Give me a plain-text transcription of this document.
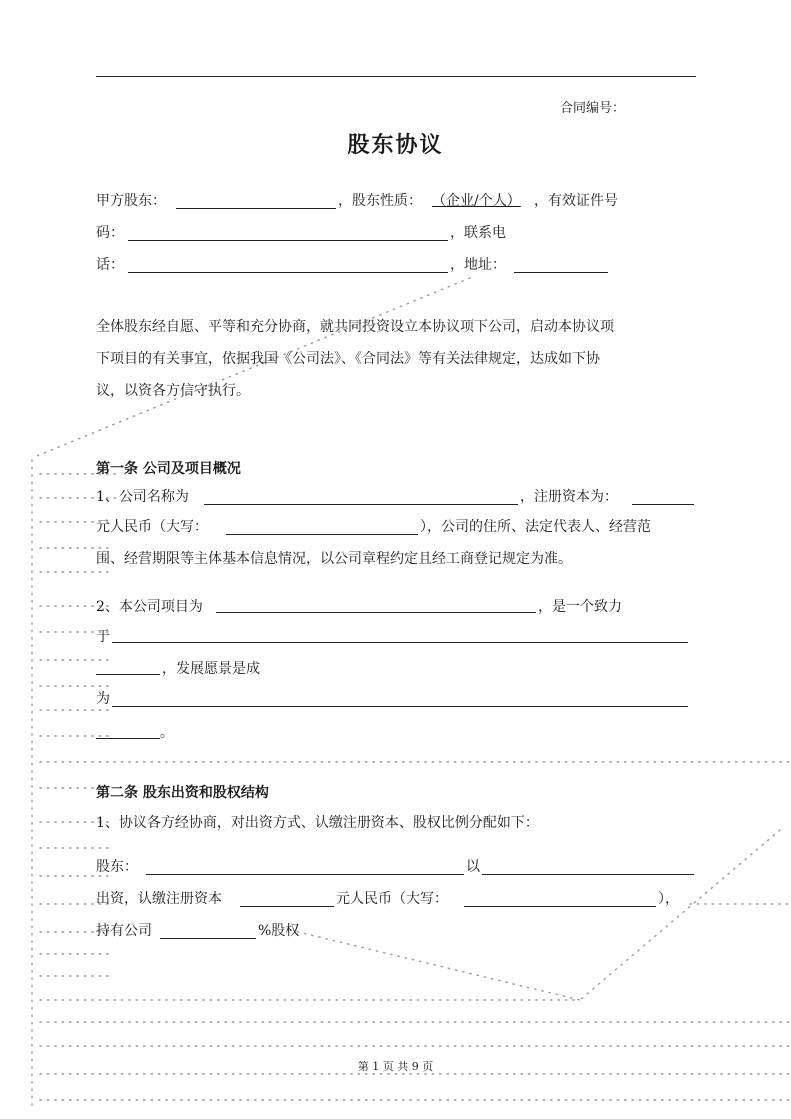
合同编号：
股东协议
甲方股东：	，股东性质： （企业/个人） ，有效证件号
码：	，联系电
话：	，地址：
全体股东经自愿、平等和充分协商，就共同投资设立本协议项下公司，启动本协议项
下项目的有关事宜，依据我国《公司法》、《合同法》等有关法律规定，达成如下协
议，以资各方信守执行。
第一条 公司及项目概况
1、公司名称为	，注册资本为：
元人民币（大写：	），公司的住所、法定代表人、经营范
围、经营期限等主体基本信息情况，以公司章程约定且经工商登记规定为准。
2、本公司项目为	，是一个致力
于
，发展愿景是成
为
。
第二条 股东出资和股权结构
1、协议各方经协商，对出资方式、认缴注册资本、股权比例分配如下：
股东：	以
出资，认缴注册资本	元人民币（大写：	），
持有公司	%股权
第 1 页 共 9 页
